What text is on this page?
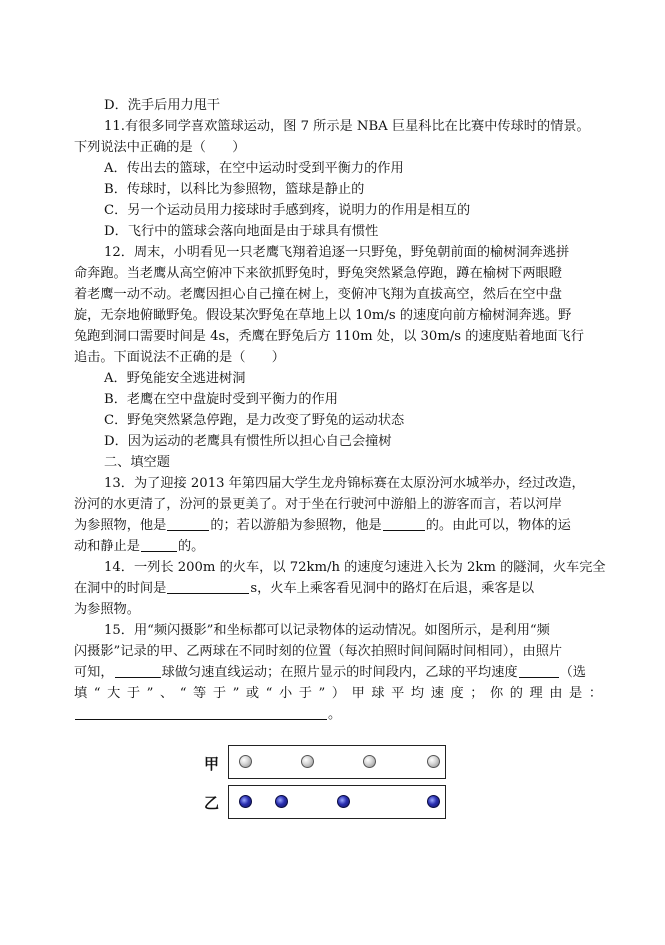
D．洗手后用力甩干
11.有很多同学喜欢篮球运动，图 7 所示是 NBA 巨星科比在比赛中传球时的情景。
下列说法中正确的是（　　）
A．传出去的篮球，在空中运动时受到平衡力的作用
B．传球时，以科比为参照物，篮球是静止的
C．另一个运动员用力接球时手感到疼，说明力的作用是相互的
D．飞行中的篮球会落向地面是由于球具有惯性
12．周末，小明看见一只老鹰飞翔着追逐一只野兔，野兔朝前面的榆树洞奔逃拼
命奔跑。当老鹰从高空俯冲下来欲抓野兔时，野兔突然紧急停跑，蹲在榆树下两眼瞪
着老鹰一动不动。老鹰因担心自己撞在树上，变俯冲飞翔为直拔高空，然后在空中盘
旋，无奈地俯瞰野兔。假设某次野兔在草地上以 10m/s 的速度向前方榆树洞奔逃。野
兔跑到洞口需要时间是 4s，秃鹰在野兔后方 110m 处，以 30m/s 的速度贴着地面飞行
追击。下面说法不正确的是（　　）
A．野兔能安全逃进树洞
B．老鹰在空中盘旋时受到平衡力的作用
C．野兔突然紧急停跑，是力改变了野兔的运动状态
D．因为运动的老鹰具有惯性所以担心自己会撞树
二、填空题
13．为了迎接 2013 年第四届大学生龙舟锦标赛在太原汾河水城举办，经过改造，
汾河的水更清了，汾河的景更美了。对于坐在行驶河中游船上的游客而言，若以河岸
为参照物，他是	的；若以游船为参照物，他是	的。由此可以，物体的运
动和静止是	的。
14．一列长 200m 的火车，以 72km/h 的速度匀速进入长为 2km 的隧洞，火车完全
在洞中的时间是	s，火车上乘客看见洞中的路灯在后退，乘客是以
为参照物。
15．用“频闪摄影”和坐标都可以记录物体的运动情况。如图所示，是利用“频
闪摄影”记录的甲、乙两球在不同时刻的位置（每次拍照时间间隔时间相同），由照片
可知，	球做匀速直线运动；在照片显示的时间段内，乙球的平均速度	（选
填 “ 大 于 ” 、 “ 等 于 ” 或 “ 小 于 ” ） 甲 球 平 均 速 度 ； 你 的 理 由 是 ：
。
甲
乙
